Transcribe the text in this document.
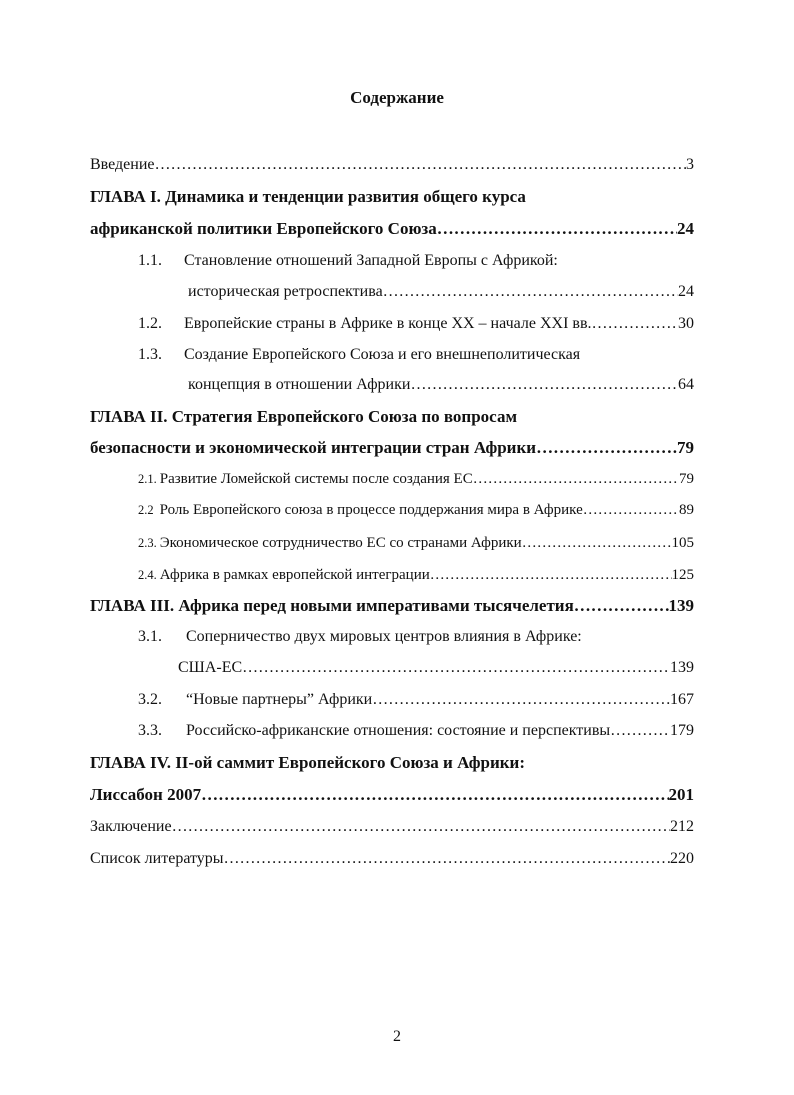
Содержание
Введение ………………………………………………………………………………………………………………………………………………………………………………………………………………	3
ГЛАВА I. Динамика и тенденции развития общего курса
африканской политики Европейского Союза ………………………………………………………………………………………………………………………………………………………………………………………………………………	24
1.1. Становление отношений Западной Европы с Африкой:
историческая ретроспектива ………………………………………………………………………………………………………………………………………………………………………………………………………………	24
1.2.	Европейские страны в Африке в конце XX – начале XXI вв. ………………………………………………………………………………………………………………………………………………………………………………………………………………	30
1.3. Создание Европейского Союза и его внешнеполитическая
концепция в отношении Африки ………………………………………………………………………………………………………………………………………………………………………………………………………………	64
ГЛАВА II. Стратегия Европейского Союза по вопросам
безопасности и экономической интеграции стран Африки ………………………………………………………………………………………………………………………………………………………………………………………………………………	79
2.1. Развитие Ломейской системы после создания ЕС ………………………………………………………………………………………………………………………………………………………………………………………………………………	79
2.2 Роль Европейского союза в процессе поддержания мира в Африке ………………………………………………………………………………………………………………………………………………………………………………………………………………	89
2.3. Экономическое сотрудничество ЕС со странами Африки ………………………………………………………………………………………………………………………………………………………………………………………………………………	105
2.4. Африка в рамках европейской интеграции ………………………………………………………………………………………………………………………………………………………………………………………………………………	125
ГЛАВА III. Африка перед новыми императивами тысячелетия ………………………………………………………………………………………………………………………………………………………………………………………………………………	139
3.1. Соперничество двух мировых центров влияния в Африке:
США-ЕС ………………………………………………………………………………………………………………………………………………………………………………………………………………	139
3.2.	“Новые партнеры” Африки ………………………………………………………………………………………………………………………………………………………………………………………………………………	167
3.3.	Российско-африканские отношения: состояние и перспективы ………………………………………………………………………………………………………………………………………………………………………………………………………………	179
ГЛАВА IV. II-ой саммит Европейского Союза и Африки:
Лиссабон 2007 ………………………………………………………………………………………………………………………………………………………………………………………………………………	201
Заключение ………………………………………………………………………………………………………………………………………………………………………………………………………………	212
Список литературы ………………………………………………………………………………………………………………………………………………………………………………………………………………	220
2
